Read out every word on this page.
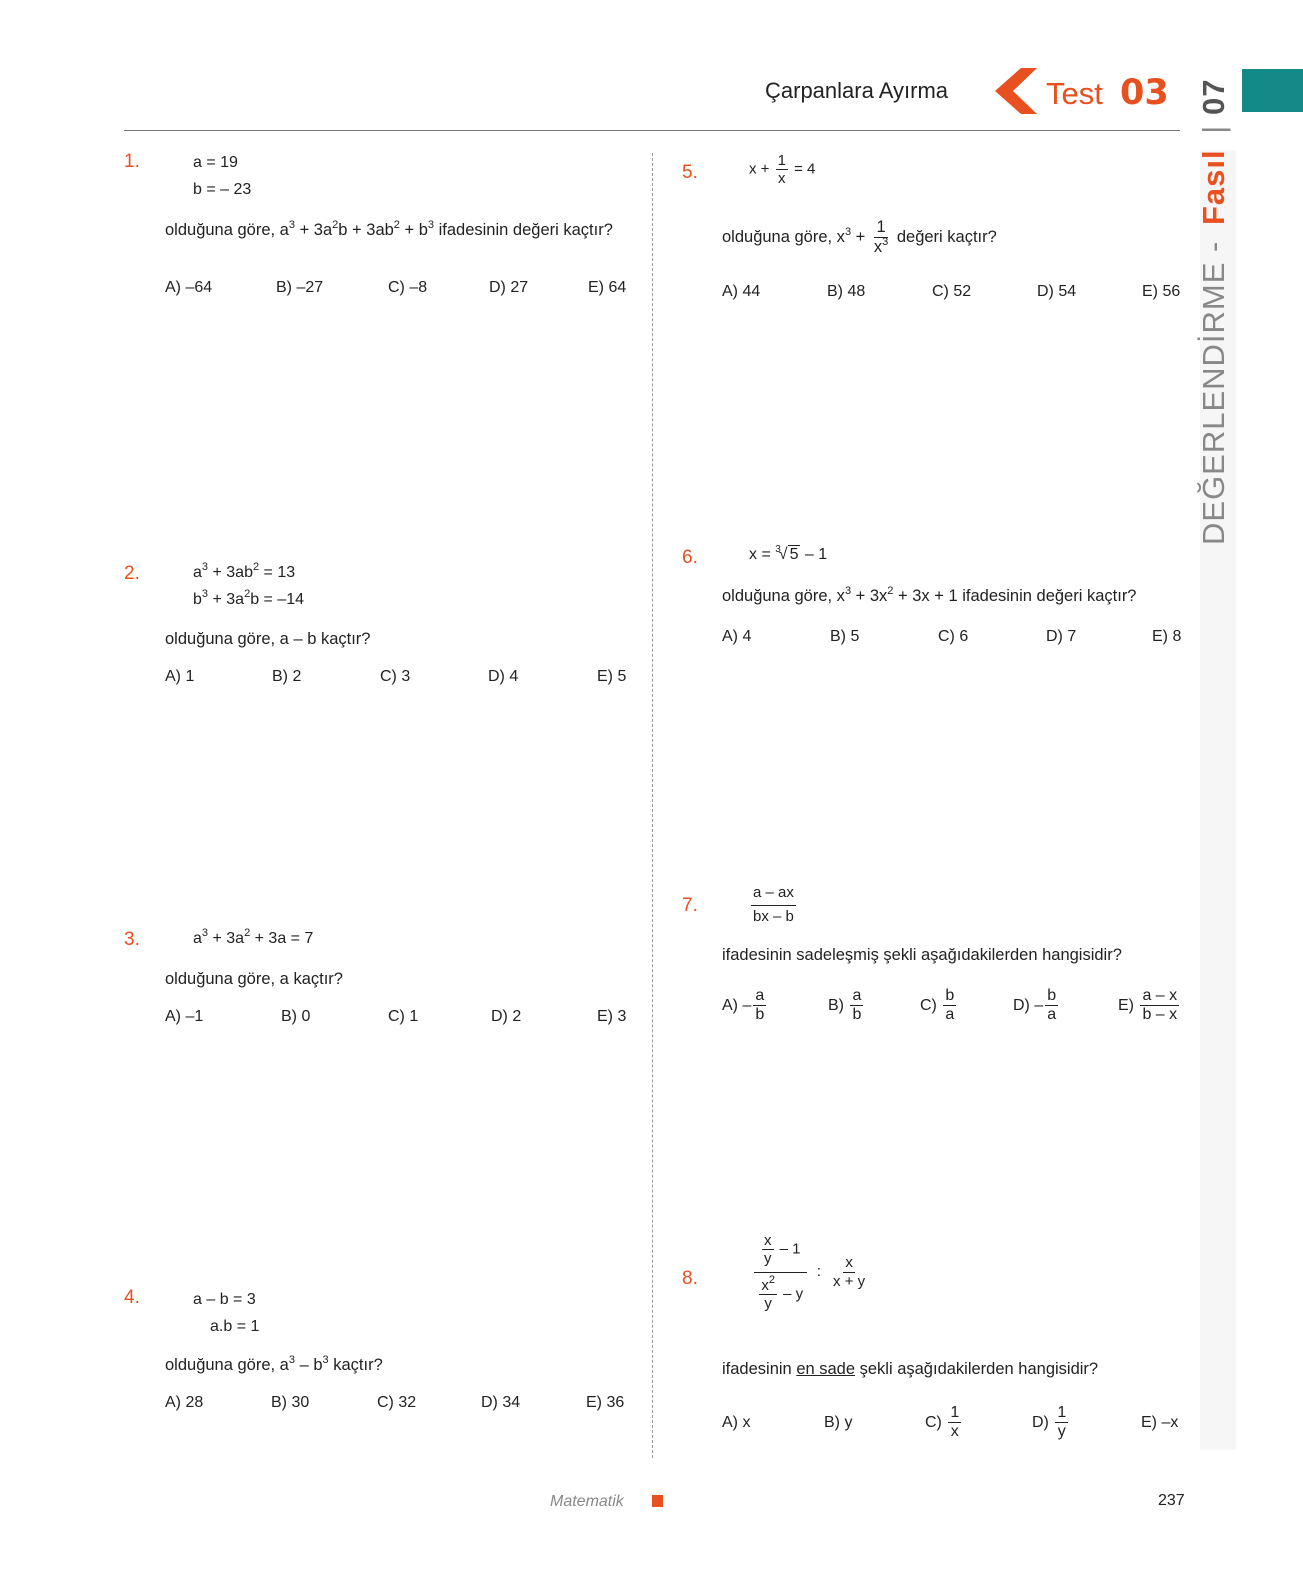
Çarpanlara Ayırma	Test 03
DEĞERLENDİRME - Fasıl | 07
1.	a = 19
b = – 23
olduğuna göre, $a^3 + 3a^2b + 3ab^2 + b^3$ ifadesinin değeri kaçtır?
A) –64	B) –27	C) –8	D) 27	E) 64
2.	$a^3 + 3ab^2 = 13$
$b^3 + 3a^2b = -14$
olduğuna göre, a – b kaçtır?
A) 1	B) 2	C) 3	D) 4	E) 5
3.	$a^3 + 3a^2 + 3a = 7$
olduğuna göre, a kaçtır?
A) –1	B) 0	C) 1	D) 2	E) 3
4.	a – b = 3
a.b = 1
olduğuna göre, $a^3 - b^3$ kaçtır?
A) 28	B) 30	C) 32	D) 34	E) 36
5.	$x + \frac{1}{x} = 4$
olduğuna göre, $x^3 + \frac{1}{x^3}$ değeri kaçtır?
A) 44	B) 48	C) 52	D) 54	E) 56
6.	x = $^3$√ 5 – 1
olduğuna göre, $x^3 + 3x^2 + 3x + 1$ ifadesinin değeri kaçtır?
A) 4	B) 5	C) 6	D) 7	E) 8
7.	$\frac{a - ax}{bx - b}$
ifadesinin sadeleşmiş şekli aşağıdakilerden hangisidir?
$A) - \frac{a}{b}$	$B) \frac{a}{b}$	$C) \frac{b}{a}$	$D) - \frac{b}{a}$	$E) \frac{a - x}{b - x}$
8.	$\frac{\frac{x}{y} - 1}{\frac{x^2}{y} - y}$ : $\frac{x}{x + y}$
ifadesinin en sade şekli aşağıdakilerden hangisidir?
A) x	B) y	$C) \frac{1}{x}$	$D) \frac{1}{y}$	E) –x
Matematik	237
